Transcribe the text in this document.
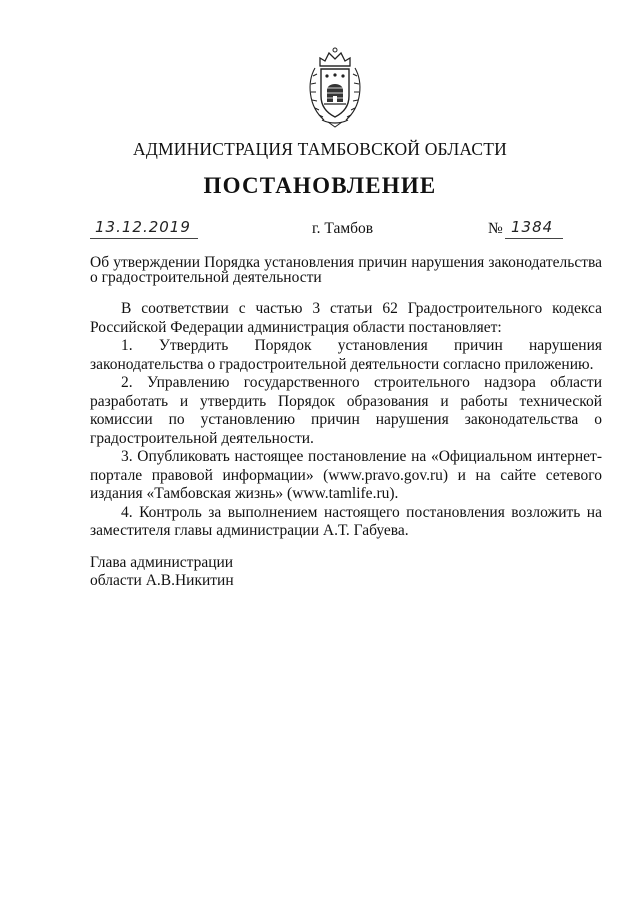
АДМИНИСТРАЦИЯ ТАМБОВСКОЙ ОБЛАСТИ
ПОСТАНОВЛЕНИЕ
13.12.2019	г. Тамбов	№ 1384
Об утверждении Порядка установления причин нарушения законодательства о градостроительной деятельности

В соответствии с частью 3 статьи 62 Градостроительного кодекса Российской Федерации администрация области постановляет:

1. Утвердить Порядок установления причин нарушения законодательства о градостроительной деятельности согласно приложению.

2. Управлению государственного строительного надзора области разработать и утвердить Порядок образования и работы технической комиссии по установлению причин нарушения законодательства о градостроительной деятельности.

3. Опубликовать настоящее постановление на «Официальном интернет-портале правовой информации» (www.pravo.gov.ru) и на сайте сетевого издания «Тамбовская жизнь» (www.tamlife.ru).

4. Контроль за выполнением настоящего постановления возложить на заместителя главы администрации А.Т. Габуева.

Глава администрации
области А.В.Никитин
